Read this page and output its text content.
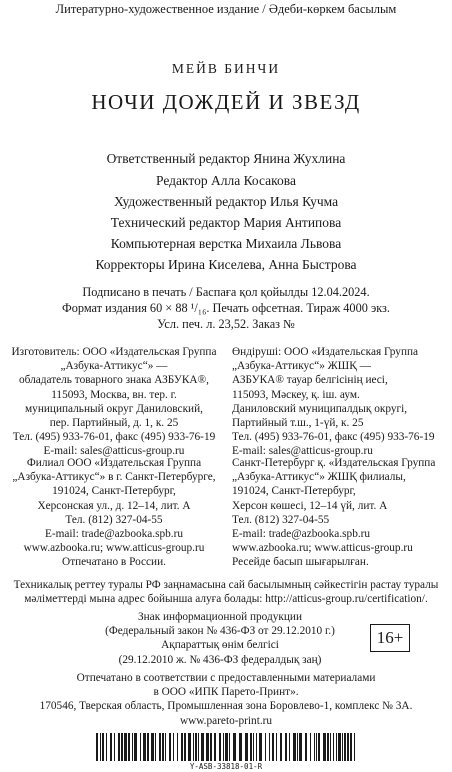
Литературно-художественное издание / Әдеби-көркем басылым
МЕЙВ БИНЧИ
НОЧИ ДОЖДЕЙ И ЗВЕЗД
Ответственный редактор Янина Жухлина
Редактор Алла Косакова
Художественный редактор Илья Кучма
Технический редактор Мария Антипова
Компьютерная верстка Михаила Львова
Корректоры Ирина Киселева, Анна Быстрова
Подписано в печать / Баспаға қол қойылды 12.04.2024.
Формат издания 60 × 88 ¹/₁₆. Печать офсетная. Тираж 4000 экз.
Усл. печ. л. 23,52. Заказ №
Изготовитель: ООО «Издательская Группа
„Азбука-Аттикус“» —
обладатель товарного знака АЗБУКА®,
115093, Москва, вн. тер. г.
муниципальный округ Даниловский,
пер. Партийный, д. 1, к. 25
Тел. (495) 933-76-01, факс (495) 933-76-19
E-mail: sales@atticus-group.ru
Өндіруші: ООО «Издательская Группа
„Азбука-Аттикус“» ЖШҚ —
АЗБУКА® тауар белгісінің иесі,
115093, Мәскеу, қ. іш. аум.
Даниловский муниципалдық округі,
Партийный т.ш., 1-үй, к. 25
Тел. (495) 933-76-01, факс (495) 933-76-19
E-mail: sales@atticus-group.ru
Филиал ООО «Издательская Группа
„Азбука-Аттикус“» в г. Санкт-Петербурге,
191024, Санкт-Петербург,
Херсонская ул., д. 12–14, лит. А
Тел. (812) 327-04-55
E-mail: trade@azbooka.spb.ru
Санкт-Петербург қ. «Издательская Группа
„Азбука-Аттикус“» ЖШҚ филиалы,
191024, Санкт-Петербург,
Херсон көшесі, 12–14 үй, лит. А
Тел. (812) 327-04-55
E-mail: trade@azbooka.spb.ru
www.azbooka.ru; www.atticus-group.ru
Отпечатано в России.
www.azbooka.ru; www.atticus-group.ru
Ресейде басып шығарылған.
Техникалық реттеу туралы РФ заңнамасына сай басылымның сәйкестігін растау туралы
мәліметтерді мына адрес бойынша алуға болады: http://atticus-group.ru/certification/.
Знак информационной продукции
(Федеральный закон № 436-ФЗ от 29.12.2010 г.)
Ақпараттық өнім белгісі
(29.12.2010 ж. № 436-ФЗ федералдық заң)
16+
Отпечатано в соответствии с предоставленными материалами
в ООО «ИПК Парето-Принт».
170546, Тверская область, Промышленная зона Боровлево-1, комплекс № 3А.
www.pareto-print.ru
Y-ASB-33818-01-R
